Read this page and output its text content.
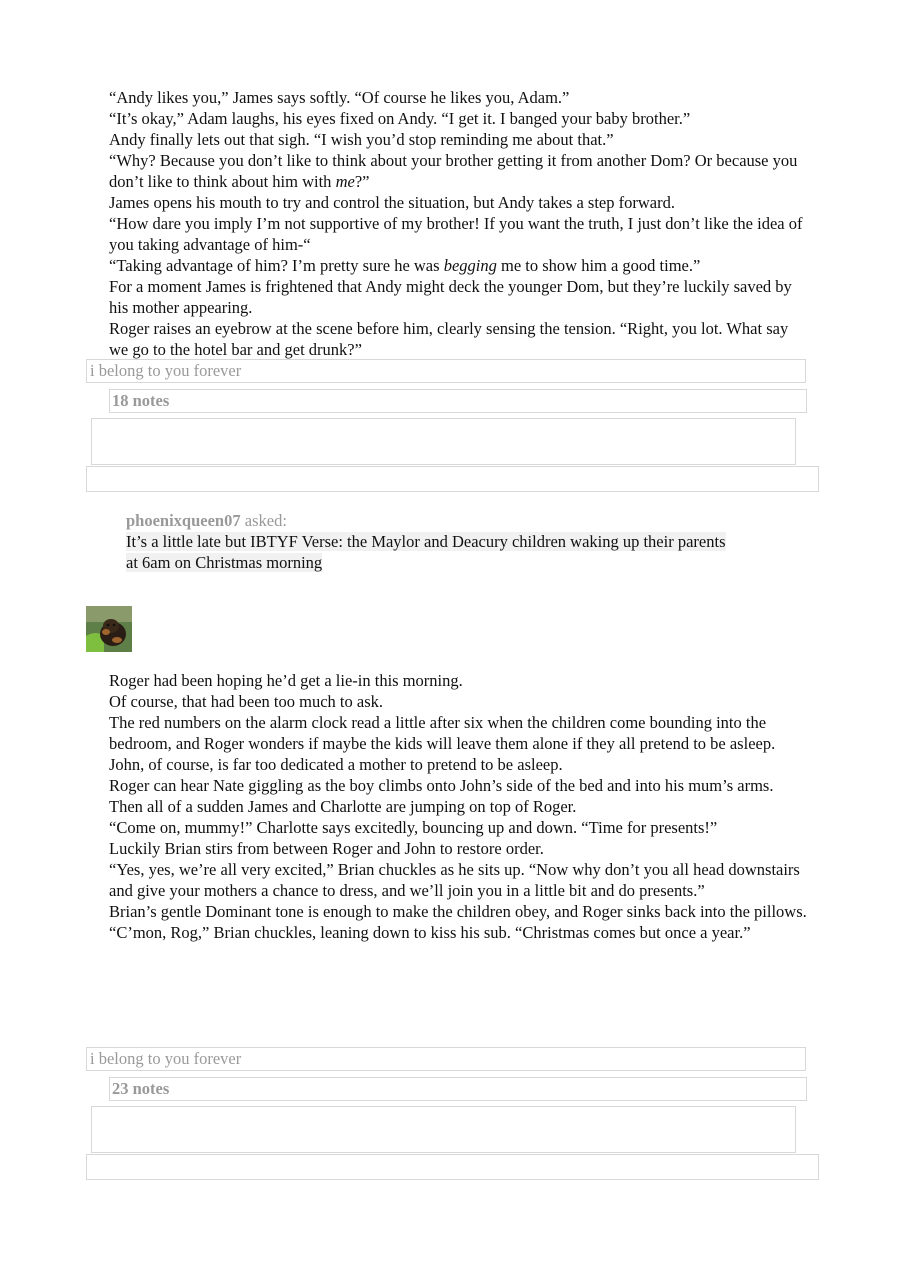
“Andy likes you,” James says softly. “Of course he likes you, Adam.”

“It’s okay,” Adam laughs, his eyes fixed on Andy. “I get it. I banged your baby brother.”

Andy finally lets out that sigh. “I wish you’d stop reminding me about that.”

“Why? Because you don’t like to think about your brother getting it from another Dom? Or because you don’t like to think about him with me?”

James opens his mouth to try and control the situation, but Andy takes a step forward.

“How dare you imply I’m not supportive of my brother! If you want the truth, I just don’t like the idea of you taking advantage of him-“

“Taking advantage of him? I’m pretty sure he was begging me to show him a good time.”

For a moment James is frightened that Andy might deck the younger Dom, but they’re luckily saved by his mother appearing.

Roger raises an eyebrow at the scene before him, clearly sensing the tension. “Right, you lot. What say we go to the hotel bar and get drunk?”

i belong to you forever
18 notes
phoenixqueen07 asked:
It’s a little late but IBTYF Verse: the Maylor and Deacury children waking up their parents at 6am on Christmas morning

Roger had been hoping he’d get a lie-in this morning.

Of course, that had been too much to ask.

The red numbers on the alarm clock read a little after six when the children come bounding into the bedroom, and Roger wonders if maybe the kids will leave them alone if they all pretend to be asleep.

John, of course, is far too dedicated a mother to pretend to be asleep.

Roger can hear Nate giggling as the boy climbs onto John’s side of the bed and into his mum’s arms.

Then all of a sudden James and Charlotte are jumping on top of Roger.

“Come on, mummy!” Charlotte says excitedly, bouncing up and down. “Time for presents!”

Luckily Brian stirs from between Roger and John to restore order.

“Yes, yes, we’re all very excited,” Brian chuckles as he sits up. “Now why don’t you all head downstairs and give your mothers a chance to dress, and we’ll join you in a little bit and do presents.”

Brian’s gentle Dominant tone is enough to make the children obey, and Roger sinks back into the pillows.

“C’mon, Rog,” Brian chuckles, leaning down to kiss his sub. “Christmas comes but once a year.”

i belong to you forever
23 notes
